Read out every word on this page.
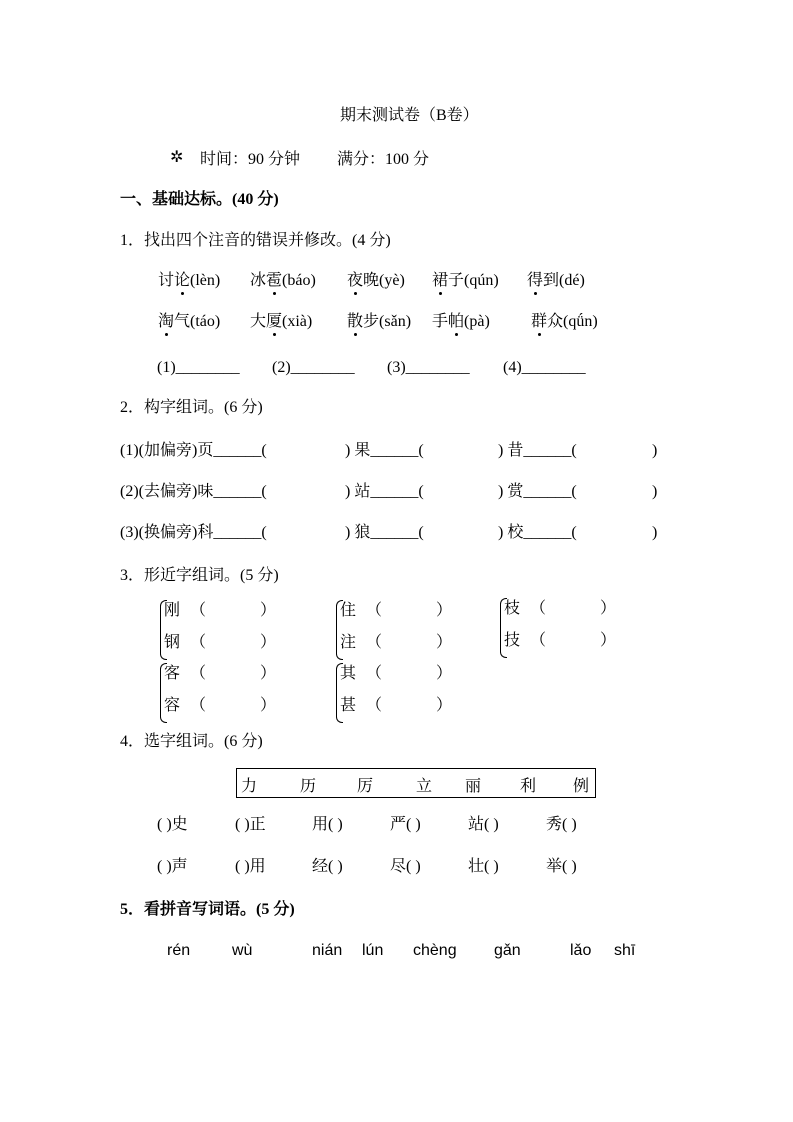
期末测试卷（B卷）
✲ 时间：90 分钟 满分：100 分
一、基础达标。(40 分)
1．找出四个注音的错误并修改。(4 分)
讨论(lèn) 冰雹(báo) 夜晚(yè) 裙子(qún) 得到(dé)
淘气(táo) 大厦(xià) 散步(sǎn) 手帕(pà)	群众(qǘn)
(1)________ (2)________ (3)________ (4)________
2．构字组词。(6 分)
(1)(加偏旁)页______(	) 果______(	) 昔______(	)
(2)(去偏旁)味______(	) 站______(	) 赏______(	)
(3)(换偏旁)科______(	) 狼______(	) 校______(	)
3．形近字组词。(5 分)
刚 （	）
钢 （	）
住 （	）
注 （	）
枝 （	）
技 （	）
客 （	）
容 （	）
其 （	）
甚 （	）
4．选字组词。(6 分)
力	历	厉	立 丽 利 例
( )史	( )正	用( )	严( )	站( )	秀( )
( )声	( )用	经( )	尽( )	壮( )	举( )
5．看拼音写词语。(5 分)
rén	wù	nián lún chèng gǎn	lǎo shī
